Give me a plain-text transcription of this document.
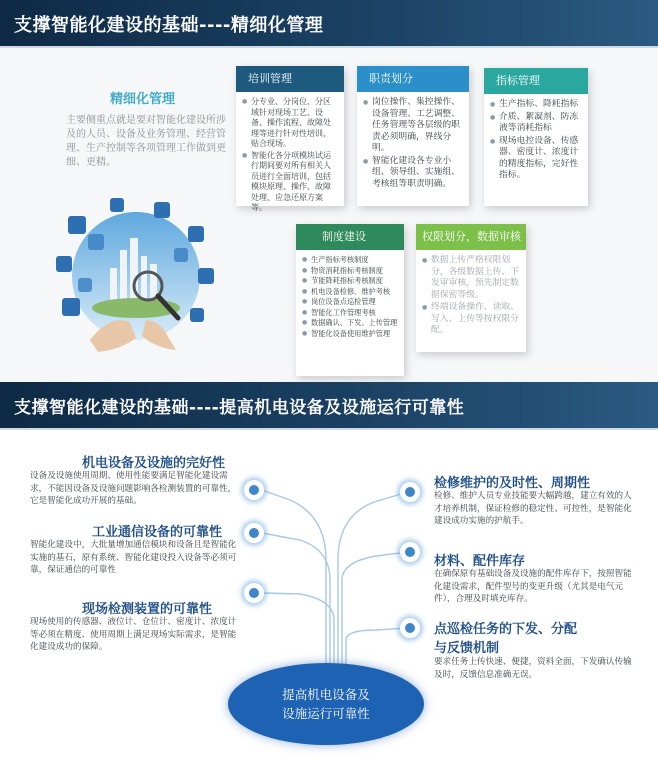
支撑智能化建设的基础----精细化管理
精细化管理
主要侧重点就是要对智能化建设所涉及的人员、设备及业务管理、经营管理、生产控制等各项管理工作做到更细、更精。
培训管理
● 分专业、分岗位、分区域针对现场工艺、设备、操作流程、故障处理等进行针对性培训，贴合现场。
● 智能化各分项模块试运行期间要对所有相关人员进行全面培训，包括模块原理、操作、故障处理、应急还原方案等。
职责划分
● 岗位操作、集控操作、设备管理、工艺调整、任务管理等各层级的职责必须明确，界线分明。
● 智能化建设各专业小组、领导组、实施组、考核组等职责明确。
指标管理
● 生产指标、降耗指标
● 介质、絮凝剂、防冻液等消耗指标
● 现场电控设备、传感器、密度计、浓度计的精度指标，完好性指标。
制度建设
● 生产指标考核制度
● 物资消耗指标考核制度
● 节能降耗指标考核制度
● 机电设备检修、维护考核
● 岗位设备点巡检管理
● 智能化工作管理考核
● 数据确认、下发、上传管理
● 智能化设备使用维护管理
权限划分，数据审核
● 数据上传严格权限划分，各级数据上传、下发审审核，预先制定数据保密等级。
● 终端设备操作、读取、写入、上传等按权限分配。
支撑智能化建设的基础----提高机电设备及设施运行可靠性
机电设备及设施的完好性
设备及设施使用周期、使用性能要满足智能化建设需求，不能因设备及设施问题影响各检测装置的可靠性，它是智能化成功开展的基础。
工业通信设备的可靠性
智能化建设中，大批量增加通信模块和设备且是智能化实施的基石，原有系统、智能化建设投入设备等必须可靠，保证通信的可靠性
现场检测装置的可靠性
现场使用的传感器、液位计、仓位计、密度计、浓度计等必须在精度、使用周期上满足现场实际需求，是智能化建设成功的保障。
检修维护的及时性、周期性
检修、维护人员专业技能要大幅跨越，建立有效的人才培养机制，保证检修的稳定性、可控性，是智能化建设成功实施的护航手。
材料、配件库存
在确保原有基础设备及设施的配件库存下，按照智能化建设需求，配件型号的变更升级（尤其是电气元件），合理及时填充库存。
点巡检任务的下发、分配
与反馈机制
要求任务上传快速、便捷，资料全面，下发确认传输及时，反馈信息准确无误。
提高机电设备及
设施运行可靠性
